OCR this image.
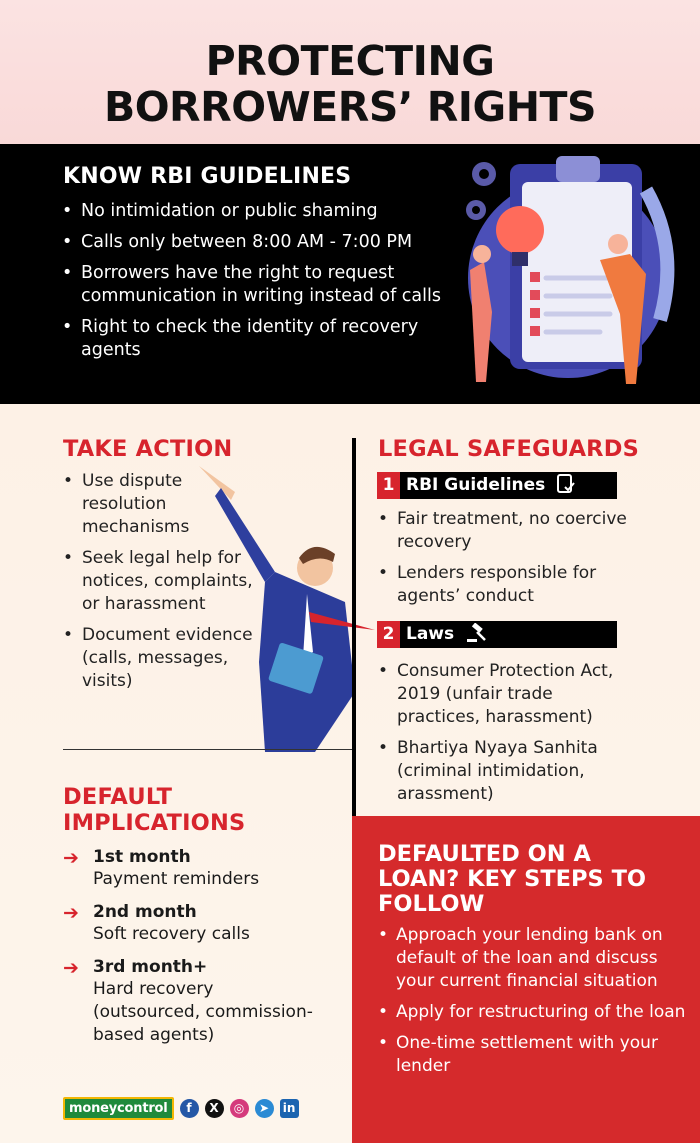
PROTECTING
BORROWERS’ RIGHTS
KNOW RBI GUIDELINES
• No intimidation or public shaming
• Calls only between 8:00 AM - 7:00 PM
• Borrowers have the right to request communication in writing instead of calls
• Right to check the identity of recovery agents
TAKE ACTION
• Use dispute resolution mechanisms
• Seek legal help for notices, complaints, or harassment
• Document evidence (calls, messages, visits)
LEGAL SAFEGUARDS
1 RBI Guidelines
• Fair treatment, no coercive recovery
• Lenders responsible for agents’ conduct
2 Laws
• Consumer Protection Act, 2019 (unfair trade practices, harassment)
• Bhartiya Nyaya Sanhita (criminal intimidation, arassment)
DEFAULT
IMPLICATIONS
➔ 1st month
Payment reminders
➔ 2nd month
Soft recovery calls
➔ 3rd month+
Hard recovery (outsourced, commission-based agents)
DEFAULTED ON A LOAN? KEY STEPS TO FOLLOW
• Approach your lending bank on default of the loan and discuss your current financial situation
• Apply for restructuring of the loan
• One-time settlement with your lender
moneycontrol	f	X	◎	➤	in
